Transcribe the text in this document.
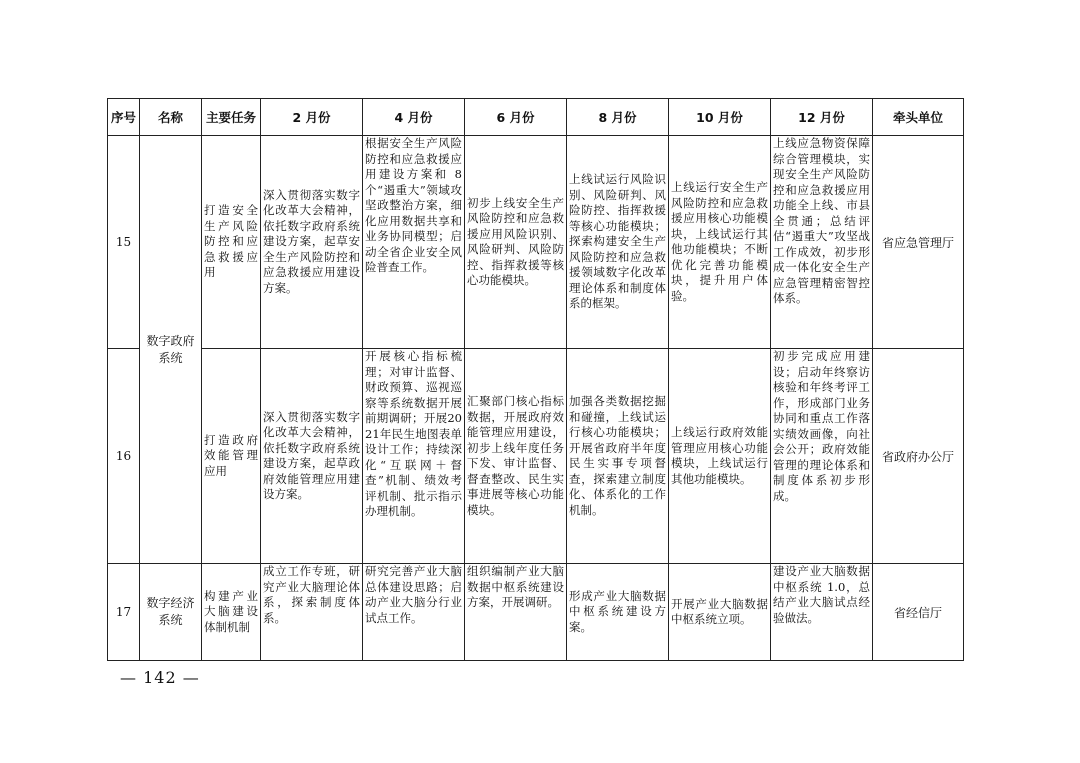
序号	名称	主要任务	2 月份	4 月份	6 月份	8 月份	10 月份	12 月份	牵头单位
15	数字政府系统	打造安全生产风险防控和应急救援应用	深入贯彻落实数字化改革大会精神，依托数字政府系统建设方案，起草安全生产风险防控和应急救援应用建设方案。	根据安全生产风险防控和应急救援应用建设方案和 8 个“遏重大”领域攻坚政整治方案，细化应用数据共享和业务协同模型；启动全省企业安全风险普查工作。	初步上线安全生产风险防控和应急救援应用风险识别、风险研判、风险防控、指挥救援等核心功能模块。	上线试运行风险识别、风险研判、风险防控、指挥救援等核心功能模块；探索构建安全生产风险防控和应急救援领域数字化改革理论体系和制度体系的框架。	上线运行安全生产风险防控和应急救援应用核心功能模块，上线试运行其他功能模块；不断优化完善功能模块，提升用户体验。	上线应急物资保障综合管理模块，实现安全生产风险防控和应急救援应用功能全上线、市县全贯通；总结评估“遏重大”攻坚战工作成效，初步形成一体化安全生产应急管理精密智控体系。	省应急管理厅
16		打造政府效能管理应用	深入贯彻落实数字化改革大会精神，依托数字政府系统建设方案，起草政府效能管理应用建设方案。	开展核心指标梳理；对审计监督、财政预算、巡视巡察等系统数据开展前期调研；开展2021年民生地图表单设计工作；持续深化“互联网＋督查”机制、绩效考评机制、批示指示办理机制。	汇聚部门核心指标数据，开展政府效能管理应用建设，初步上线年度任务下发、审计监督、督查整改、民生实事进展等核心功能模块。	加强各类数据挖掘和碰撞，上线试运行核心功能模块；开展省政府半年度民生实事专项督查，探索建立制度化、体系化的工作机制。	上线运行政府效能管理应用核心功能模块，上线试运行其他功能模块。	初步完成应用建设；启动年终察访核验和年终考评工作，形成部门业务协同和重点工作落实绩效画像，向社会公开；政府效能管理的理论体系和制度体系初步形成。	省政府办公厅
17	数字经济系统	构建产业大脑建设体制机制	成立工作专班，研究产业大脑理论体系，探索制度体系。	研究完善产业大脑总体建设思路；启动产业大脑分行业试点工作。	组织编制产业大脑数据中枢系统建设方案，开展调研。	形成产业大脑数据中枢系统建设方案。	开展产业大脑数据中枢系统立项。	建设产业大脑数据中枢系统 1.0，总结产业大脑试点经验做法。	省经信厅
— 142 —
